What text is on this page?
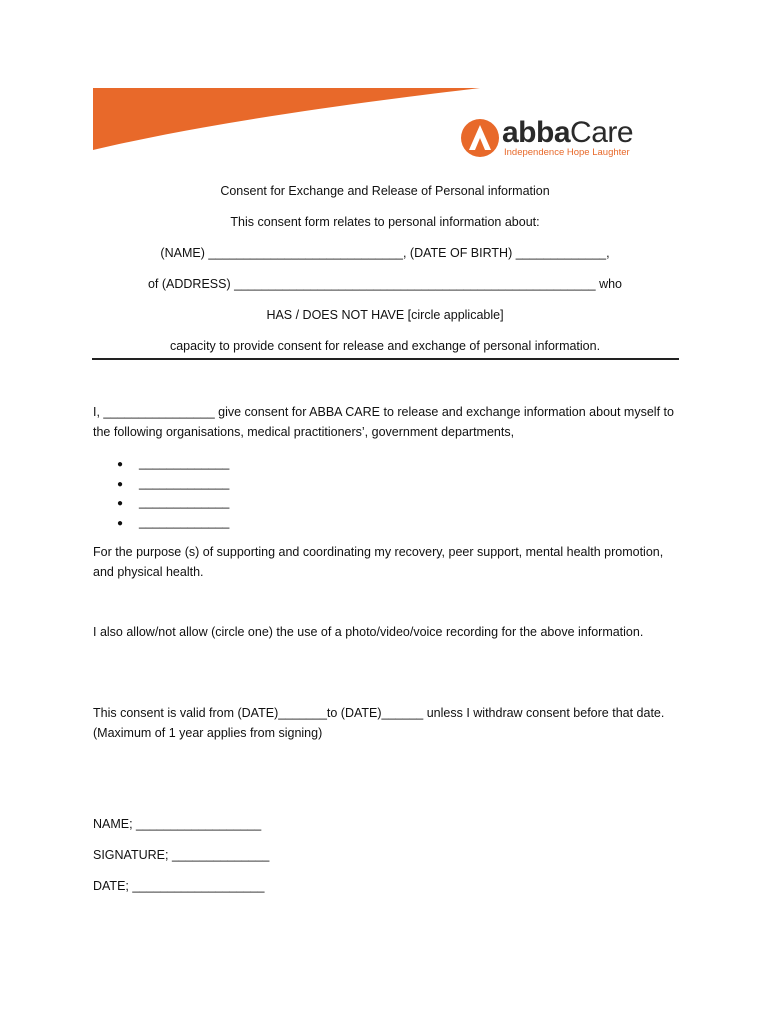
abbaCare
Independence Hope Laughter
Consent for Exchange and Release of Personal information
This consent form relates to personal information about:
(NAME) ____________________________, (DATE OF BIRTH) _____________,
of (ADDRESS) ____________________________________________________ who
HAS / DOES NOT HAVE [circle applicable]
capacity to provide consent for release and exchange of personal information.
I, ________________ give consent for ABBA CARE to release and exchange information about myself to the following organisations, medical practitioners’, government departments,
● _____________
● _____________
● _____________
● _____________
For the purpose (s) of supporting and coordinating my recovery, peer support, mental health promotion, and physical health.
I also allow/not allow (circle one) the use of a photo/video/voice recording for the above information.
This consent is valid from (DATE)_______to (DATE)______ unless I withdraw consent before that date. (Maximum of 1 year applies from signing)
NAME; __________________
SIGNATURE; ______________
DATE; ___________________
